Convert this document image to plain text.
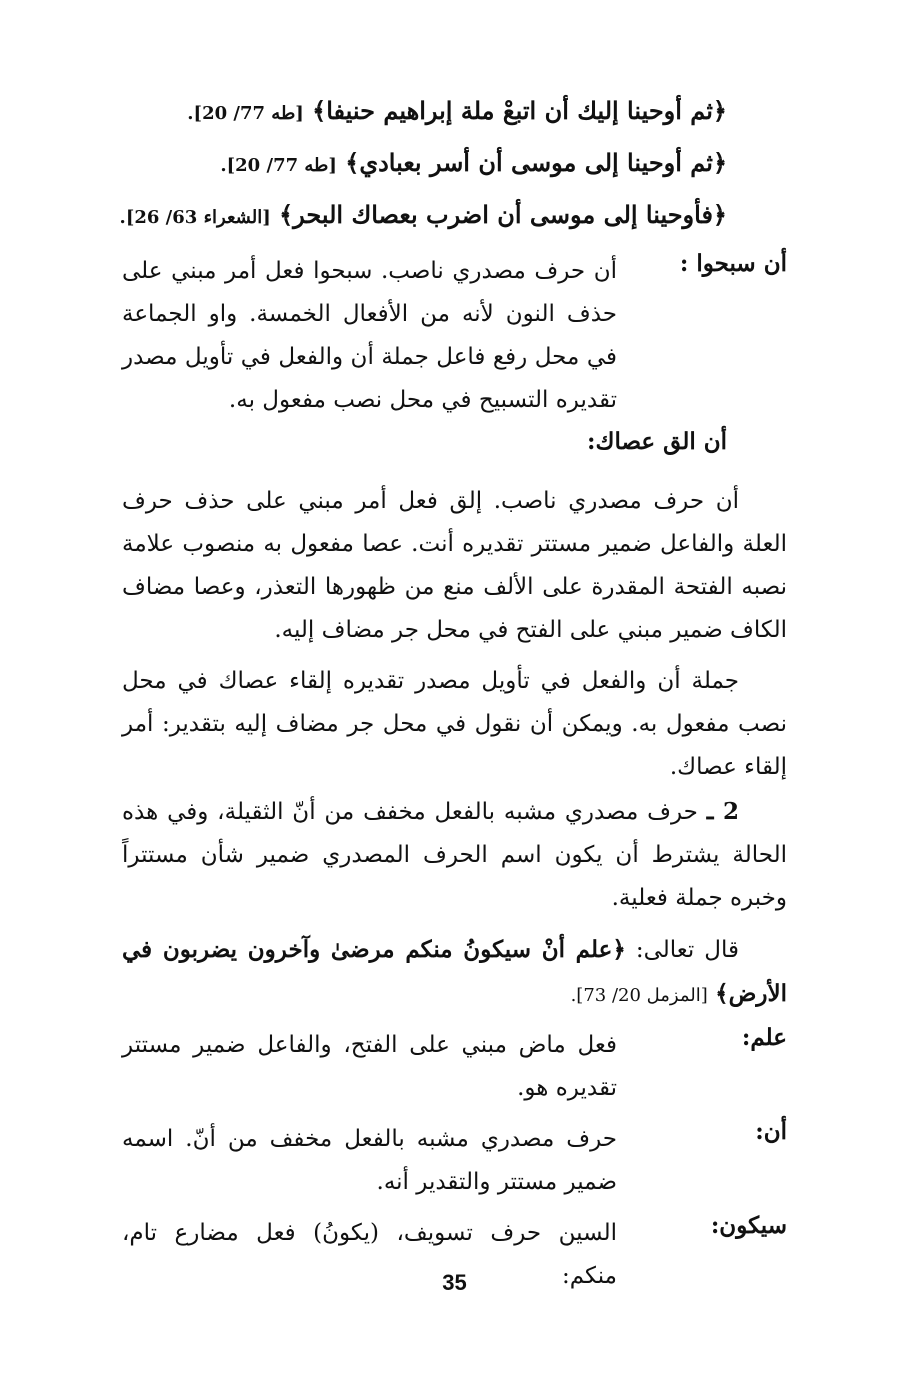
﴿ثم أوحينا إليك أن اتبعْ ملة إبراهيم حنيفا﴾ [طه 77/ 20].
﴿ثم أوحينا إلى موسى أن أسر بعبادي﴾ [طه 77/ 20].
﴿فأوحينا إلى موسى أن اضرب بعصاك البحر﴾ [الشعراء 63/ 26].
أن سبحوا :
أن حرف مصدري ناصب. سبحوا فعل أمر مبني على حذف النون لأنه من الأفعال الخمسة. واو الجماعة في محل رفع فاعل جملة أن والفعل في تأويل مصدر تقديره التسبيح في محل نصب مفعول به.
أن الق عصاك:

أن حرف مصدري ناصب. إلق فعل أمر مبني على حذف حرف العلة والفاعل ضمير مستتر تقديره أنت. عصا مفعول به منصوب علامة نصبه الفتحة المقدرة على الألف منع من ظهورها التعذر، وعصا مضاف الكاف ضمير مبني على الفتح في محل جر مضاف إليه.

جملة أن والفعل في تأويل مصدر تقديره إلقاء عصاك في محل نصب مفعول به. ويمكن أن نقول في محل جر مضاف إليه بتقدير: أمر إلقاء عصاك.

2 ـ حرف مصدري مشبه بالفعل مخفف من أنّ الثقيلة، وفي هذه الحالة يشترط أن يكون اسم الحرف المصدري ضمير شأن مستتراً وخبره جملة فعلية.

قال تعالى: ﴿علم أنْ سيكونُ منكم مرضىٰ وآخرون يضربون في الأرض﴾ [المزمل 20/ 73].

علم:
فعل ماض مبني على الفتح، والفاعل ضمير مستتر تقديره هو.
أن:
حرف مصدري مشبه بالفعل مخفف من أنّ. اسمه ضمير مستتر والتقدير أنه.
سيكون:
السين حرف تسويف، (يكونُ) فعل مضارع تام، منكم:
35
